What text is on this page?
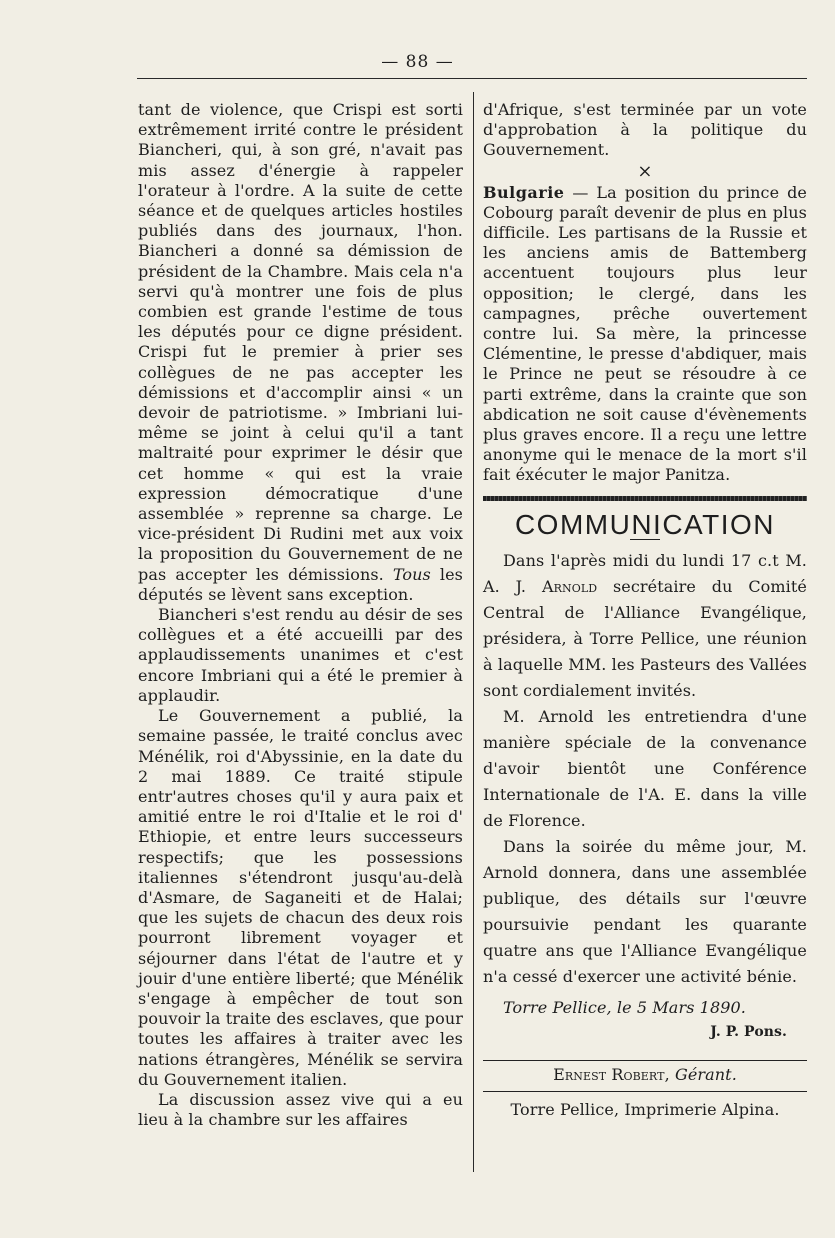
— 88 —

tant de violence, que Crispi est sorti extrêmement irrité contre le président Biancheri, qui, à son gré, n'avait pas mis assez d'énergie à rappeler l'orateur à l'ordre. A la suite de cette séance et de quelques articles hostiles publiés dans des journaux, l'hon. Biancheri a donné sa démission de président de la Chambre. Mais cela n'a servi qu'à montrer une fois de plus combien est grande l'estime de tous les députés pour ce digne président. Crispi fut le premier à prier ses collègues de ne pas accepter les démissions et d'accomplir ainsi « un devoir de patriotisme. » Imbriani lui-même se joint à celui qu'il a tant maltraité pour exprimer le désir que cet homme « qui est la vraie expression démocratique d'une assemblée » reprenne sa charge. Le vice-président Di Rudini met aux voix la proposition du Gouvernement de ne pas accepter les démissions. Tous les députés se lèvent sans exception.

Biancheri s'est rendu au désir de ses collègues et a été accueilli par des applaudissements unanimes et c'est encore Imbriani qui a été le premier à applaudir.

Le Gouvernement a publié, la semaine passée, le traité conclus avec Ménélik, roi d'Abyssinie, en la date du 2 mai 1889. Ce traité stipule entr'autres choses qu'il y aura paix et amitié entre le roi d'Italie et le roi d' Ethiopie, et entre leurs successeurs respectifs; que les possessions italiennes s'étendront jusqu'au-delà d'Asmare, de Saganeiti et de Halai; que les sujets de chacun des deux rois pourront librement voyager et séjourner dans l'état de l'autre et y jouir d'une entière liberté; que Ménélik s'engage à empêcher de tout son pouvoir la traite des esclaves, que pour toutes les affaires à traiter avec les nations étrangères, Ménélik se servira du Gouvernement italien.

La discussion assez vive qui a eu lieu à la chambre sur les affaires

d'Afrique, s'est terminée par un vote d'approbation à la politique du Gouvernement.

×

Bulgarie — La position du prince de Cobourg paraît devenir de plus en plus difficile. Les partisans de la Russie et les anciens amis de Battemberg accentuent toujours plus leur opposition; le clergé, dans les campagnes, prêche ouvertement contre lui. Sa mère, la princesse Clémentine, le presse d'abdiquer, mais le Prince ne peut se résoudre à ce parti extrême, dans la crainte que son abdication ne soit cause d'évènements plus graves encore. Il a reçu une lettre anonyme qui le menace de la mort s'il fait éxécuter le major Panitza.

COMMUNICATION

Dans l'après midi du lundi 17 c.t M. A. J. Arnold secrétaire du Comité Central de l'Alliance Evangélique, présidera, à Torre Pellice, une réunion à laquelle MM. les Pasteurs des Vallées sont cordialement invités.

M. Arnold les entretiendra d'une manière spéciale de la convenance d'avoir bientôt une Conférence Internationale de l'A. E. dans la ville de Florence.

Dans la soirée du même jour, M. Arnold donnera, dans une assemblée publique, des détails sur l'œuvre poursuivie pendant les quarante quatre ans que l'Alliance Evangélique n'a cessé d'exercer une activité bénie.

Torre Pellice, le 5 Mars 1890.

J. P. Pons.

Ernest Robert, Gérant.

Torre Pellice, Imprimerie Alpina.
